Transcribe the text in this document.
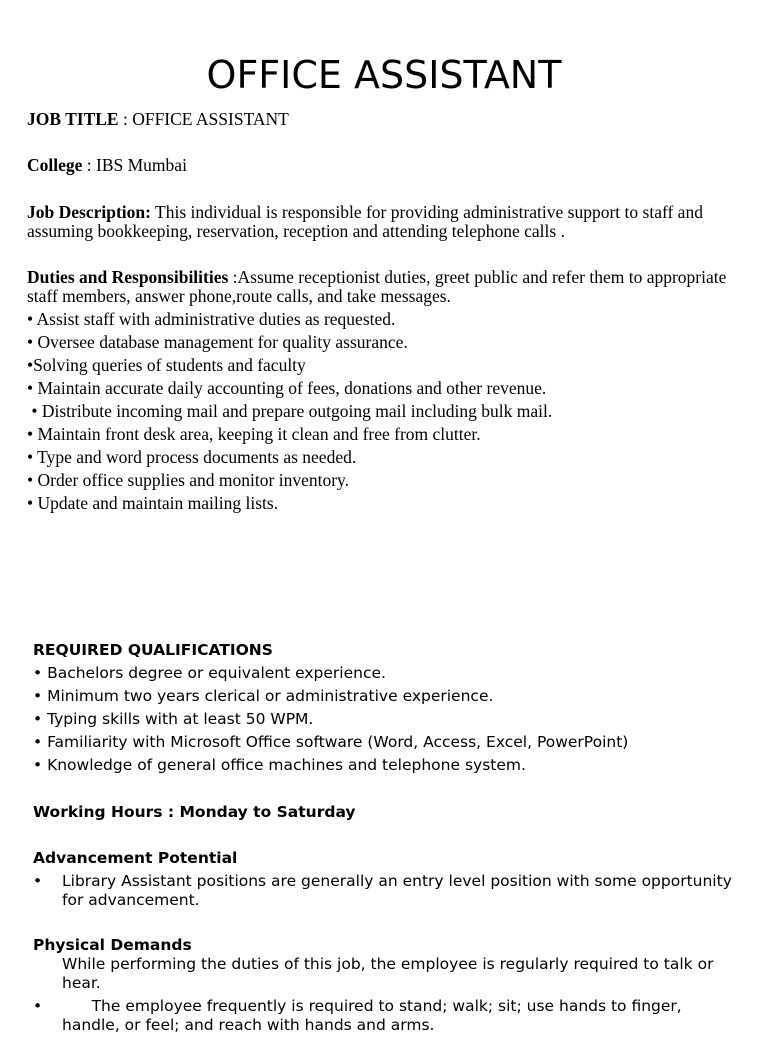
OFFICE ASSISTANT
JOB TITLE : OFFICE ASSISTANT
College : IBS Mumbai
Job Description: This individual is responsible for providing administrative support to staff and assuming bookkeeping, reservation, reception and attending telephone calls .
Duties and Responsibilities :Assume receptionist duties, greet public and refer them to appropriate staff members, answer phone,route calls, and take messages.
• Assist staff with administrative duties as requested.
• Oversee database management for quality assurance.
•Solving queries of students and faculty
• Maintain accurate daily accounting of fees, donations and other revenue.
• Distribute incoming mail and prepare outgoing mail including bulk mail.
• Maintain front desk area, keeping it clean and free from clutter.
• Type and word process documents as needed.
• Order office supplies and monitor inventory.
• Update and maintain mailing lists.
REQUIRED QUALIFICATIONS
• Bachelors degree or equivalent experience.
• Minimum two years clerical or administrative experience.
• Typing skills with at least 50 WPM.
• Familiarity with Microsoft Office software (Word, Access, Excel, PowerPoint)
• Knowledge of general office machines and telephone system.
Working Hours : Monday to Saturday
Advancement Potential
• Library Assistant positions are generally an entry level position with some opportunity for advancement.
Physical Demands
While performing the duties of this job, the employee is regularly required to talk or hear.
• The employee frequently is required to stand; walk; sit; use hands to finger, handle, or feel; and reach with hands and arms.
